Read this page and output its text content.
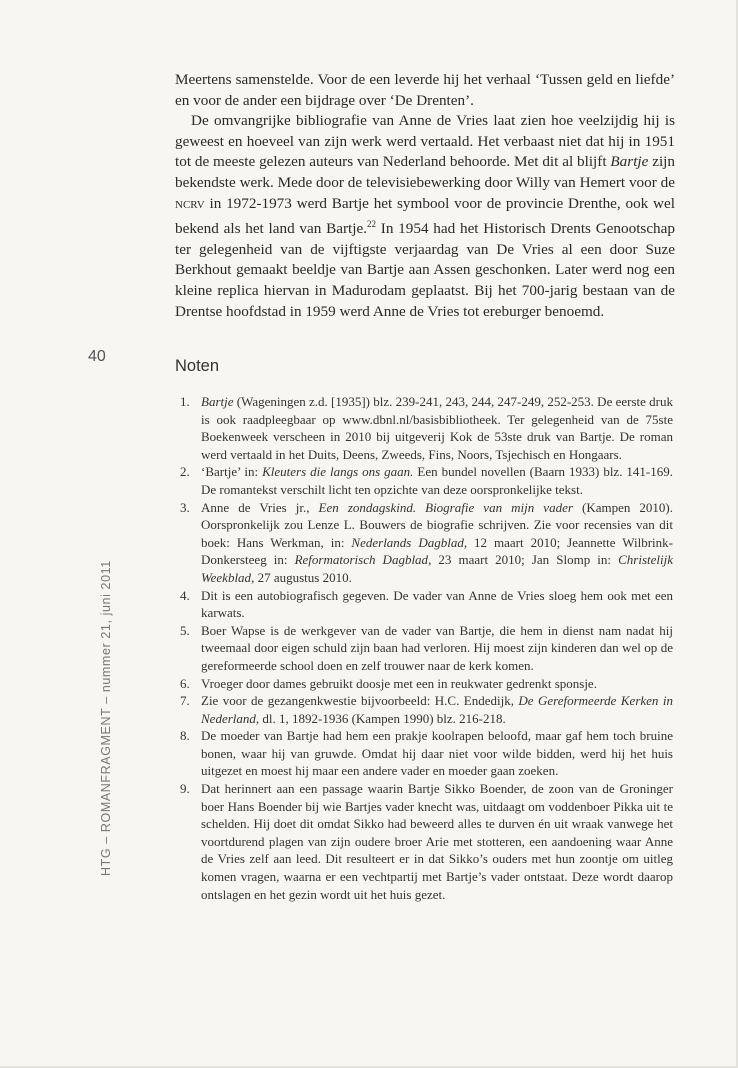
Meertens samenstelde. Voor de een leverde hij het verhaal ‘Tussen geld en liefde’ en voor de ander een bijdrage over ‘De Drenten’.

De omvangrijke bibliografie van Anne de Vries laat zien hoe veelzijdig hij is geweest en hoeveel van zijn werk werd vertaald. Het verbaast niet dat hij in 1951 tot de meeste gelezen auteurs van Nederland behoorde. Met dit al blijft Bartje zijn bekendste werk. Mede door de televisiebewerking door Willy van Hemert voor de ncrv in 1972-1973 werd Bartje het symbool voor de provincie Drenthe, ook wel bekend als het land van Bartje.$^{22}$ In 1954 had het Historisch Drents Genootschap ter gelegenheid van de vijftigste verjaardag van De Vries al een door Suze Berkhout gemaakt beeldje van Bartje aan Assen geschonken. Later werd nog een kleine replica hiervan in Madurodam geplaatst. Bij het 700-jarig bestaan van de Drentse hoofdstad in 1959 werd Anne de Vries tot ereburger benoemd.

40
Noten
1. Bartje (Wageningen z.d. [1935]) blz. 239-241, 243, 244, 247-249, 252-253. De eerste druk is ook raadpleegbaar op www.dbnl.nl/basisbibliotheek. Ter gelegenheid van de 75ste Boekenweek verscheen in 2010 bij uitgeverij Kok de 53ste druk van Bartje. De roman werd vertaald in het Duits, Deens, Zweeds, Fins, Noors, Tsjechisch en Hongaars.
2. ‘Bartje’ in: Kleuters die langs ons gaan. Een bundel novellen (Baarn 1933) blz. 141-169. De romantekst verschilt licht ten opzichte van deze oorspronkelijke tekst.
3. Anne de Vries jr., Een zondagskind. Biografie van mijn vader (Kampen 2010). Oorspronkelijk zou Lenze L. Bouwers de biografie schrijven. Zie voor recensies van dit boek: Hans Werkman, in: Nederlands Dagblad, 12 maart 2010; Jeannette Wilbrink-Donkersteeg in: Reformatorisch Dagblad, 23 maart 2010; Jan Slomp in: Christelijk Weekblad, 27 augustus 2010.
4. Dit is een autobiografisch gegeven. De vader van Anne de Vries sloeg hem ook met een karwats.
5. Boer Wapse is de werkgever van de vader van Bartje, die hem in dienst nam nadat hij tweemaal door eigen schuld zijn baan had verloren. Hij moest zijn kinderen dan wel op de gereformeerde school doen en zelf trouwer naar de kerk komen.
6. Vroeger door dames gebruikt doosje met een in reukwater gedrenkt sponsje.
7. Zie voor de gezangenkwestie bijvoorbeeld: H.C. Endedijk, De Gereformeerde Kerken in Nederland, dl. 1, 1892-1936 (Kampen 1990) blz. 216-218.
8. De moeder van Bartje had hem een prakje koolrapen beloofd, maar gaf hem toch bruine bonen, waar hij van gruwde. Omdat hij daar niet voor wilde bidden, werd hij het huis uitgezet en moest hij maar een andere vader en moeder gaan zoeken.
9. Dat herinnert aan een passage waarin Bartje Sikko Boender, de zoon van de Groninger boer Hans Boender bij wie Bartjes vader knecht was, uitdaagt om voddenboer Pikka uit te schelden. Hij doet dit omdat Sikko had beweerd alles te durven én uit wraak vanwege het voortdurend plagen van zijn oudere broer Arie met stotteren, een aandoening waar Anne de Vries zelf aan leed. Dit resulteert er in dat Sikko’s ouders met hun zoontje om uitleg komen vragen, waarna er een vechtpartij met Bartje’s vader ontstaat. Deze wordt daarop ontslagen en het gezin wordt uit het huis gezet.
HTG – ROMANFRAGMENT – nummer 21, juni 2011
